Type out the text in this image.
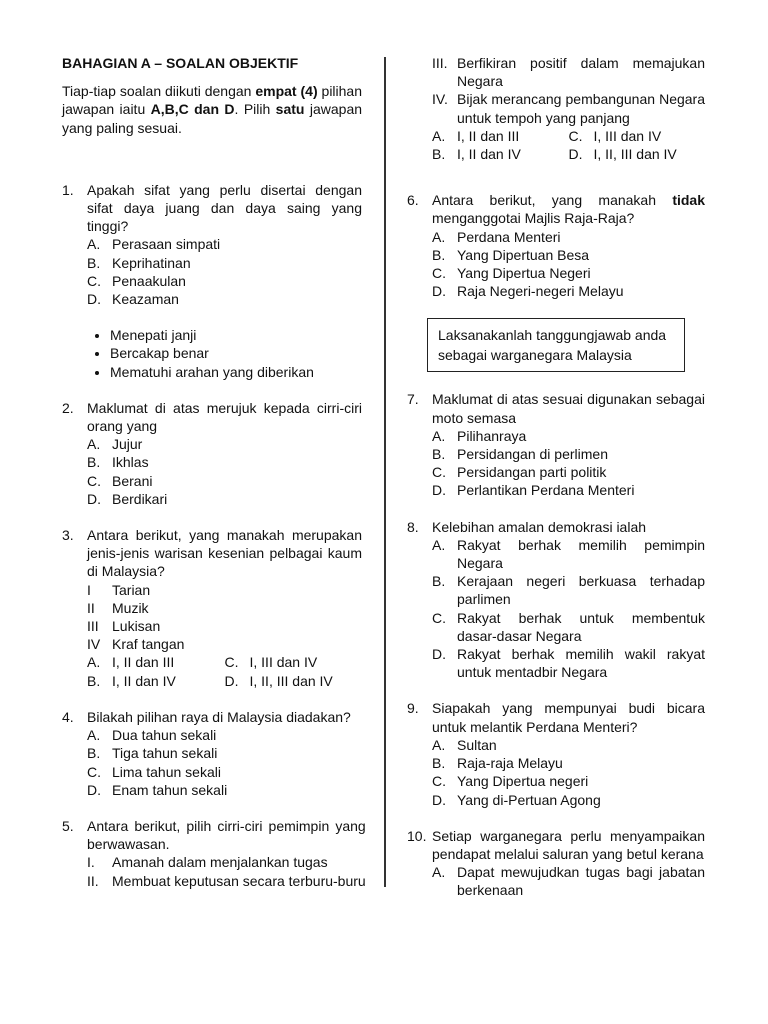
BAHAGIAN A – SOALAN OBJEKTIF
Tiap-tiap soalan diikuti dengan empat (4) pilihan jawapan iaitu A,B,C dan D. Pilih satu jawapan yang paling sesuai.
1. Apakah sifat yang perlu disertai dengan sifat daya juang dan daya saing yang tinggi?
A. Perasaan simpati
B. Keprihatinan
C. Penaakulan
D. Keazaman
• Menepati janji
• Bercakap benar
• Mematuhi arahan yang diberikan
2. Maklumat di atas merujuk kepada cirri-ciri orang yang
A. Jujur
B. Ikhlas
C. Berani
D. Berdikari
3. Antara berikut, yang manakah merupakan jenis-jenis warisan kesenian pelbagai kaum di Malaysia?
I	Tarian
II	Muzik
III Lukisan
IV Kraf tangan
A. I, II dan III	C. I, III dan IV
B. I, II dan IV	D. I, II, III dan IV
4. Bilakah pilihan raya di Malaysia diadakan?
A. Dua tahun sekali
B. Tiga tahun sekali
C. Lima tahun sekali
D. Enam tahun sekali
5. Antara berikut, pilih cirri-ciri pemimpin yang berwawasan.
I.	Amanah dalam menjalankan tugas
II. Membuat keputusan secara terburu-buru
III. Berfikiran positif dalam memajukan Negara
IV. Bijak merancang pembangunan Negara untuk tempoh yang panjang
A. I, II dan III	C. I, III dan IV
B. I, II dan IV	D. I, II, III dan IV
6. Antara berikut, yang manakah tidak menganggotai Majlis Raja-Raja?
A. Perdana Menteri
B. Yang Dipertuan Besa
C. Yang Dipertua Negeri
D. Raja Negeri-negeri Melayu
Laksanakanlah tanggungjawab anda sebagai warganegara Malaysia
7. Maklumat di atas sesuai digunakan sebagai moto semasa
A. Pilihanraya
B. Persidangan di perlimen
C. Persidangan parti politik
D. Perlantikan Perdana Menteri
8. Kelebihan amalan demokrasi ialah
A. Rakyat berhak memilih pemimpin Negara
B. Kerajaan negeri berkuasa terhadap parlimen
C. Rakyat berhak untuk membentuk dasar-dasar Negara
D. Rakyat berhak memilih wakil rakyat untuk mentadbir Negara
9. Siapakah yang mempunyai budi bicara untuk melantik Perdana Menteri?
A. Sultan
B. Raja-raja Melayu
C. Yang Dipertua negeri
D. Yang di-Pertuan Agong
10. Setiap warganegara perlu menyampaikan pendapat melalui saluran yang betul kerana
A. Dapat mewujudkan tugas bagi jabatan berkenaan
